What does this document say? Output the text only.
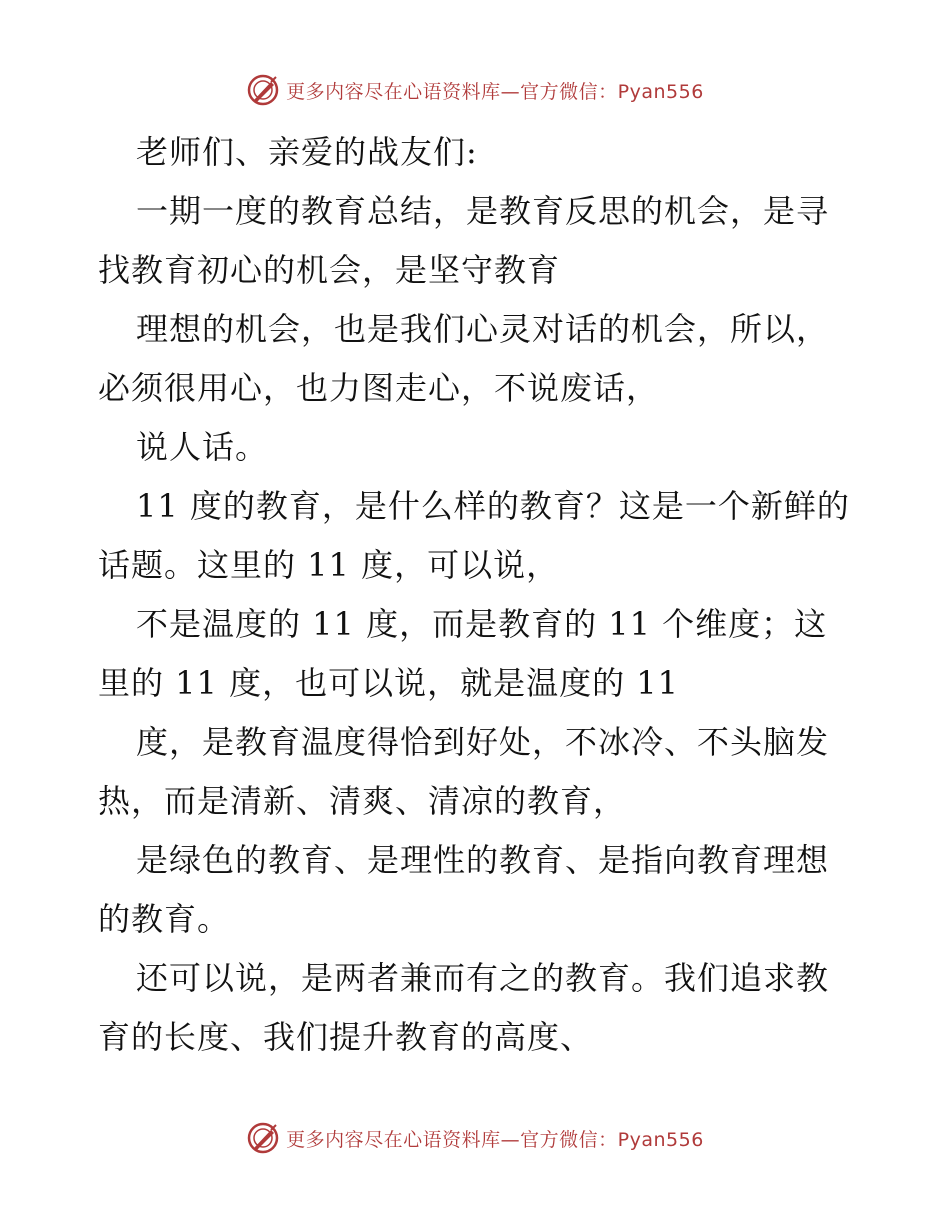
更多内容尽在心语资料库—官方微信：Pyan556

老师们、亲爱的战友们:

一期一度的教育总结，是教育反思的机会，是寻找教育初心的机会，是坚守教育

理想的机会，也是我们心灵对话的机会，所以，必须很用心，也力图走心，不说废话，

说人话。

11 度的教育，是什么样的教育？这是一个新鲜的话题。这里的 11 度，可以说，

不是温度的 11 度，而是教育的 11 个维度；这里的 11 度，也可以说，就是温度的 11

度，是教育温度得恰到好处，不冰冷、不头脑发热，而是清新、清爽、清凉的教育，

是绿色的教育、是理性的教育、是指向教育理想的教育。

还可以说，是两者兼而有之的教育。我们追求教育的长度、我们提升教育的高度、

更多内容尽在心语资料库—官方微信：Pyan556
